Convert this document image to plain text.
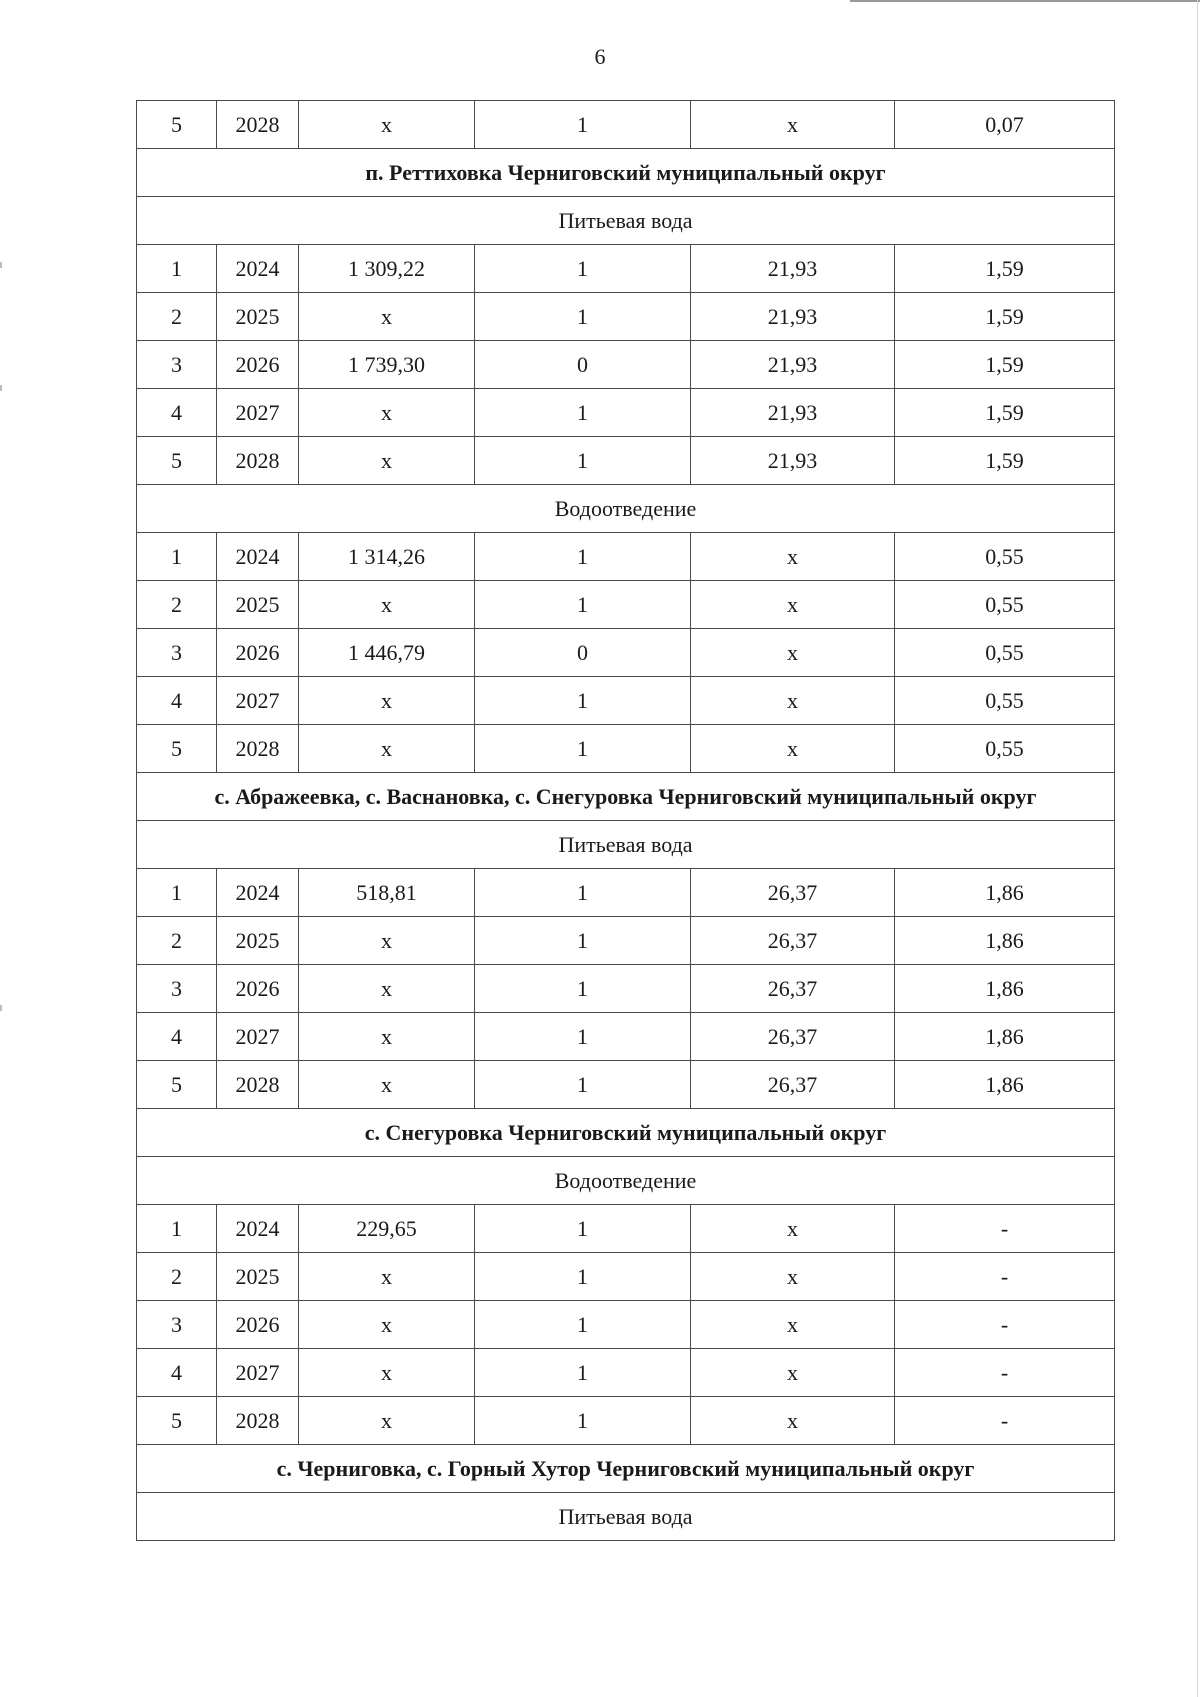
6
5	2028	х	1	х	0,07
п. Реттиховка Черниговский муниципальный округ					
Питьевая вода					
1	2024	1 309,22	1	21,93	1,59
2	2025	х	1	21,93	1,59
3	2026	1 739,30	0	21,93	1,59
4	2027	х	1	21,93	1,59
5	2028	х	1	21,93	1,59
Водоотведение					
1	2024	1 314,26	1	х	0,55
2	2025	х	1	х	0,55
3	2026	1 446,79	0	х	0,55
4	2027	х	1	х	0,55
5	2028	х	1	х	0,55
с. Абражеевка, с. Васнановка, с. Снегуровка Черниговский муниципальный округ					
Питьевая вода					
1	2024	518,81	1	26,37	1,86
2	2025	х	1	26,37	1,86
3	2026	х	1	26,37	1,86
4	2027	х	1	26,37	1,86
5	2028	х	1	26,37	1,86
с. Снегуровка Черниговский муниципальный округ					
Водоотведение					
1	2024	229,65	1	х	-
2	2025	х	1	х	-
3	2026	х	1	х	-
4	2027	х	1	х	-
5	2028	х	1	х	-
с. Черниговка, с. Горный Хутор Черниговский муниципальный округ					
Питьевая вода					
